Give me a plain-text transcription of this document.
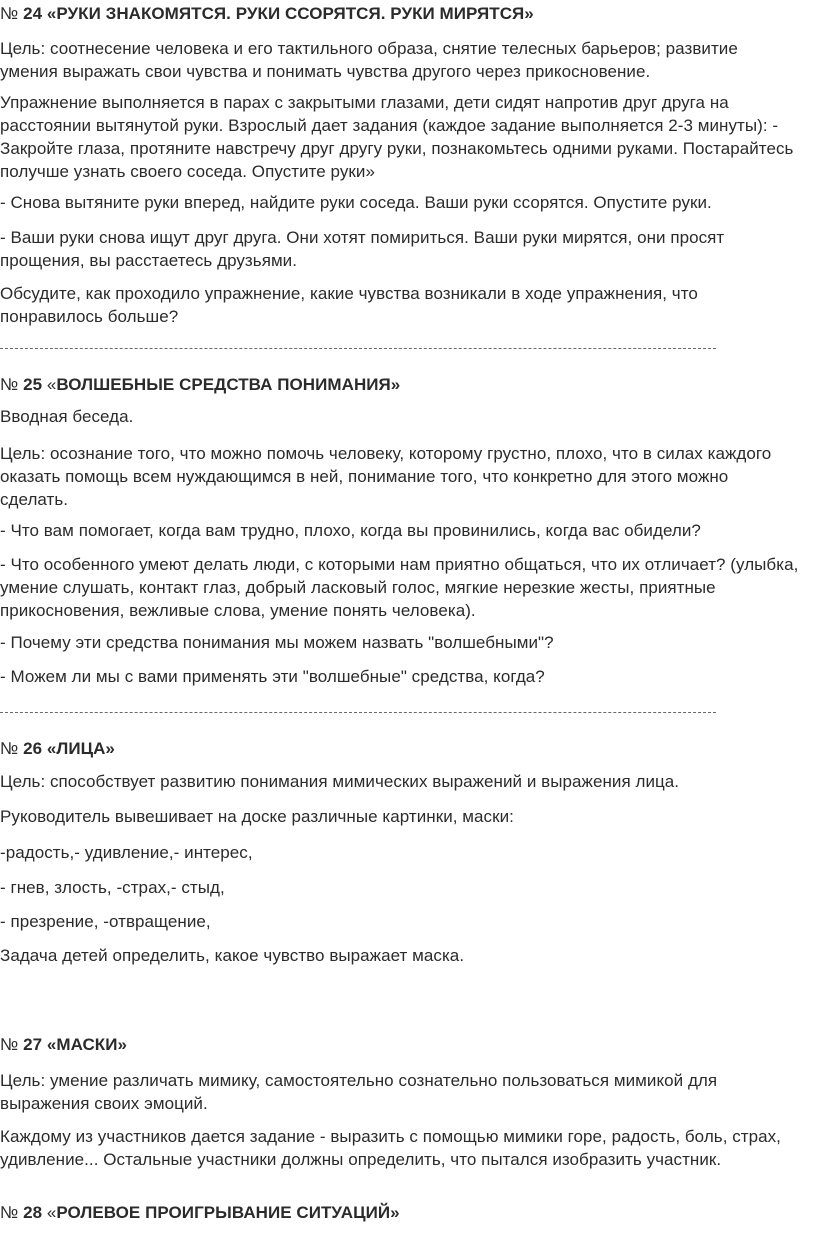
№ 24 «РУКИ ЗНАКОМЯТСЯ. РУКИ ССОРЯТСЯ. РУКИ МИРЯТСЯ»

Цель: соотнесение человека и его тактильного образа, снятие телесных барьеров; развитие умения выражать свои чувства и понимать чувства другого через прикосновение.

Упражнение выполняется в парах с закрытыми глазами, дети сидят напротив друг друга на расстоянии вытянутой руки. Взрослый дает задания (каждое задание выполняется 2-3 минуты): - Закройте глаза, протяните навстречу друг другу руки, познакомьтесь одними руками. Постарайтесь получше узнать своего соседа. Опустите руки»

- Снова вытяните руки вперед, найдите руки соседа. Ваши руки ссорятся. Опустите руки.

- Ваши руки снова ищут друг друга. Они хотят помириться. Ваши руки мирятся, они просят прощения, вы расстаетесь друзьями.

Обсудите, как проходило упражнение, какие чувства возникали в ходе упражнения, что понравилось больше?

№ 25 «ВОЛШЕБНЫЕ СРЕДСТВА ПОНИМАНИЯ»

Вводная беседа.

Цель: осознание того, что можно помочь человеку, которому грустно, плохо, что в силах каждого оказать помощь всем нуждающимся в ней, понимание того, что конкретно для этого можно сделать.

- Что вам помогает, когда вам трудно, плохо, когда вы провинились, когда вас обидели?

- Что особенного умеют делать люди, с которыми нам приятно общаться, что их отличает? (улыбка, умение слушать, контакт глаз, добрый ласковый голос, мягкие нерезкие жесты, приятные прикосновения, вежливые слова, умение понять человека).

- Почему эти средства понимания мы можем назвать "волшебными"?

- Можем ли мы с вами применять эти "волшебные" средства, когда?

№ 26 «ЛИЦА»

Цель: способствует развитию понимания мимических выражений и выражения лица.

Руководитель вывешивает на доске различные картинки, маски:

-радость,- удивление,- интерес,

- гнев, злость, -страх,- стыд,

- презрение, -отвращение,

Задача детей определить, какое чувство выражает маска.

№ 27 «МАСКИ»

Цель: умение различать мимику, самостоятельно сознательно пользоваться мимикой для выражения своих эмоций.

Каждому из участников дается задание - выразить с помощью мимики горе, радость, боль, страх, удивление... Остальные участники должны определить, что пытался изобразить участник.

№ 28 «РОЛЕВОЕ ПРОИГРЫВАНИЕ СИТУАЦИЙ»
